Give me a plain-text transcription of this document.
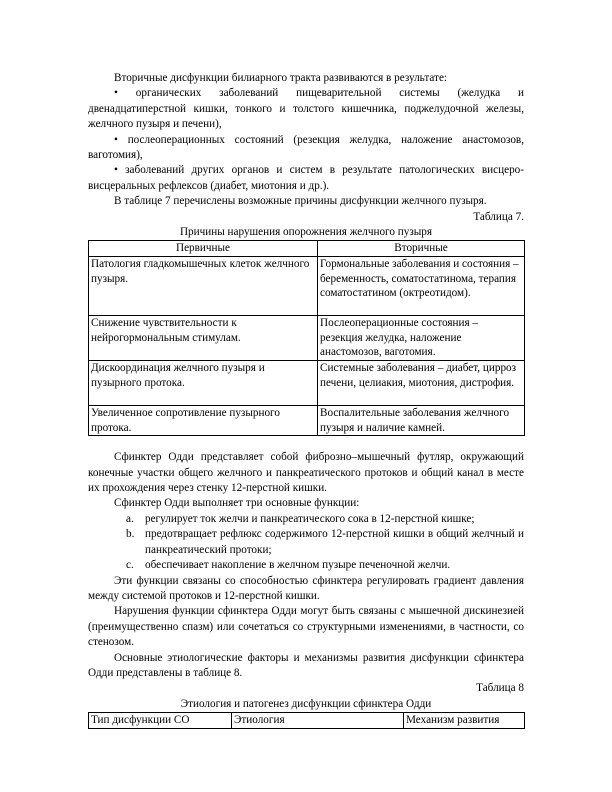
Вторичные дисфункции билиарного тракта развиваются в результате:

• органических заболеваний пищеварительной системы (желудка и двенадцатиперстной кишки, тонкого и толстого кишечника, поджелудочной железы, желчного пузыря и печени),

• послеоперационных состояний (резекция желудка, наложение анастомозов, ваготомия),

• заболеваний других органов и систем в результате патологических висцеро-висцеральных рефлексов (диабет, миотония и др.).

В таблице 7 перечислены возможные причины дисфункции желчного пузыря.

Таблица 7.

Причины нарушения опорожнения желчного пузыря

Первичные	Вторичные
Патология гладкомышечных клеток желчного пузыря.	Гормональные заболевания и состояния – беременность, соматостатинома, терапия соматостатином (октреотидом).
Снижение чувствительности к нейрогормональным стимулам.	Послеоперационные состояния – резекция желудка, наложение анастомозов, ваготомия.
Дискоординация желчного пузыря и пузырного протока.	Системные заболевания – диабет, цирроз печени, целиакия, миотония, дистрофия.
Увеличенное сопротивление пузырного протока.	Воспалительные заболевания желчного пузыря и наличие камней.

Сфинктер Одди представляет собой фиброзно–мышечный футляр, окружающий конечные участки общего желчного и панкреатического протоков и общий канал в месте их прохождения через стенку 12-перстной кишки.

Сфинктер Одди выполняет три основные функции:

a. регулирует ток желчи и панкреатического сока в 12-перстной кишке;
b. предотвращает рефлюкс содержимого 12-перстной кишки в общий желчный и панкреатический протоки;
c. обеспечивает накопление в желчном пузыре печеночной желчи.

Эти функции связаны со способностью сфинктера регулировать градиент давления между системой протоков и 12-перстной кишки.

Нарушения функции сфинктера Одди могут быть связаны с мышечной дискинезией (преимущественно спазм) или сочетаться со структурными изменениями, в частности, со стенозом.

Основные этиологические факторы и механизмы развития дисфункции сфинктера Одди представлены в таблице 8.

Таблица 8

Этиология и патогенез дисфункции сфинктера Одди

Тип дисфункции СО	Этиология	Механизм развития
